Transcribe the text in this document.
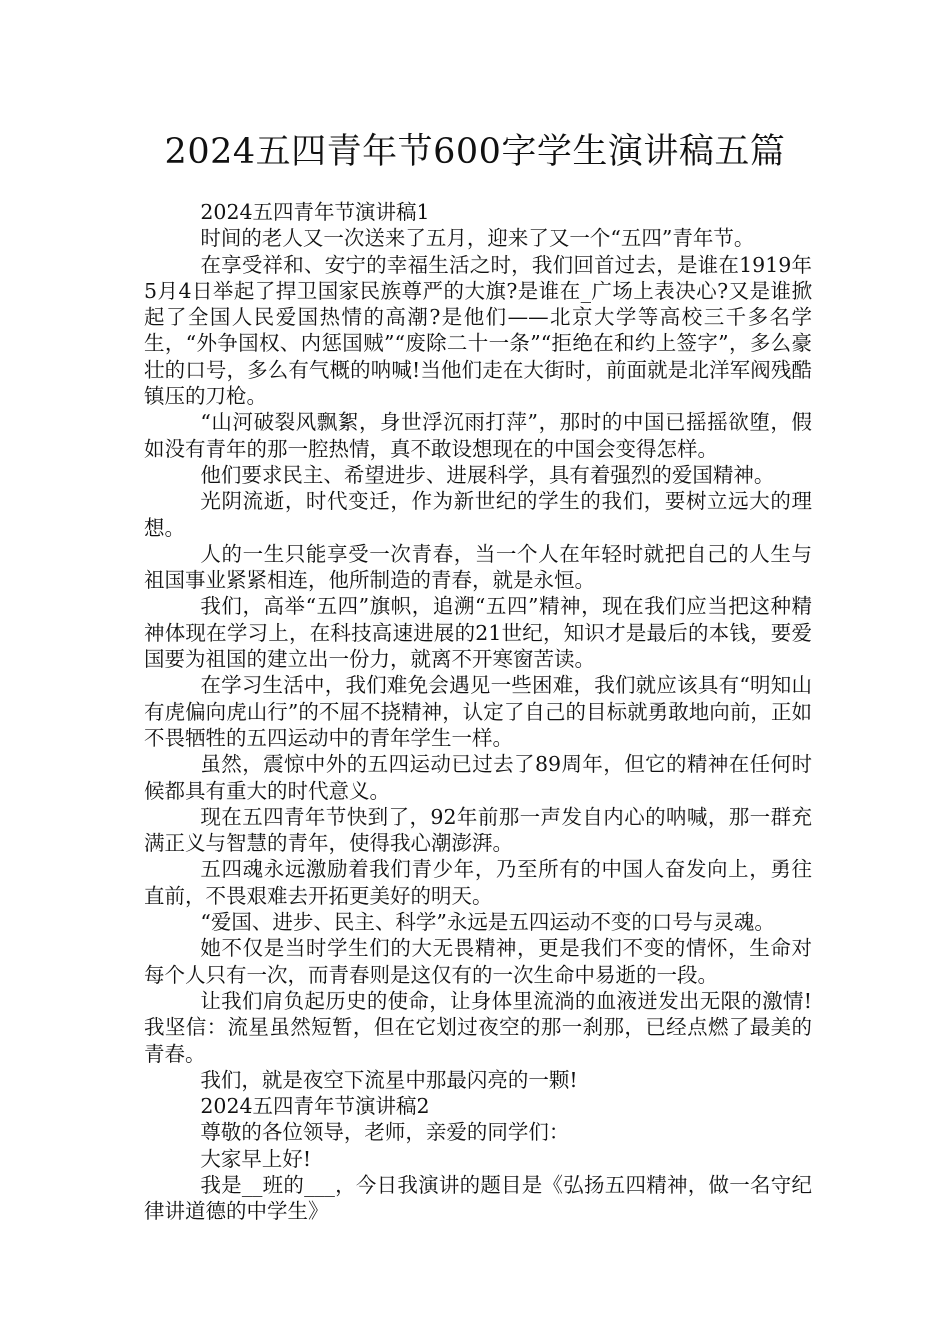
2024五四青年节600字学生演讲稿五篇

2024五四青年节演讲稿1

时间的老人又一次送来了五月，迎来了又一个“五四”青年节。

在享受祥和、安宁的幸福生活之时，我们回首过去，是谁在1919年5月4日举起了捍卫国家民族尊严的大旗?是谁在_广场上表决心?又是谁掀起了全国人民爱国热情的高潮?是他们——北京大学等高校三千多名学生，“外争国权、内惩国贼”“废除二十一条”“拒绝在和约上签字”，多么豪壮的口号，多么有气概的呐喊!当他们走在大街时，前面就是北洋军阀残酷镇压的刀枪。

“山河破裂风飘絮，身世浮沉雨打萍”，那时的中国已摇摇欲堕，假如没有青年的那一腔热情，真不敢设想现在的中国会变得怎样。

他们要求民主、希望进步、进展科学，具有着强烈的爱国精神。

光阴流逝，时代变迁，作为新世纪的学生的我们，要树立远大的理想。

人的一生只能享受一次青春，当一个人在年轻时就把自己的人生与祖国事业紧紧相连，他所制造的青春，就是永恒。

我们，高举“五四”旗帜，追溯“五四”精神，现在我们应当把这种精神体现在学习上，在科技高速进展的21世纪，知识才是最后的本钱，要爱国要为祖国的建立出一份力，就离不开寒窗苦读。

在学习生活中，我们难免会遇见一些困难，我们就应该具有“明知山有虎偏向虎山行”的不屈不挠精神，认定了自己的目标就勇敢地向前，正如不畏牺牲的五四运动中的青年学生一样。

虽然，震惊中外的五四运动已过去了89周年，但它的精神在任何时候都具有重大的时代意义。

现在五四青年节快到了，92年前那一声发自内心的呐喊，那一群充满正义与智慧的青年，使得我心潮澎湃。

五四魂永远激励着我们青少年，乃至所有的中国人奋发向上，勇往直前，不畏艰难去开拓更美好的明天。

“爱国、进步、民主、科学”永远是五四运动不变的口号与灵魂。

她不仅是当时学生们的大无畏精神，更是我们不变的情怀，生命对每个人只有一次，而青春则是这仅有的一次生命中易逝的一段。

让我们肩负起历史的使命，让身体里流淌的血液迸发出无限的激情!我坚信：流星虽然短暂，但在它划过夜空的那一刹那，已经点燃了最美的青春。

我们，就是夜空下流星中那最闪亮的一颗!

2024五四青年节演讲稿2

尊敬的各位领导，老师，亲爱的同学们：

大家早上好!

我是__班的___，今日我演讲的题目是《弘扬五四精神，做一名守纪律讲道德的中学生》
